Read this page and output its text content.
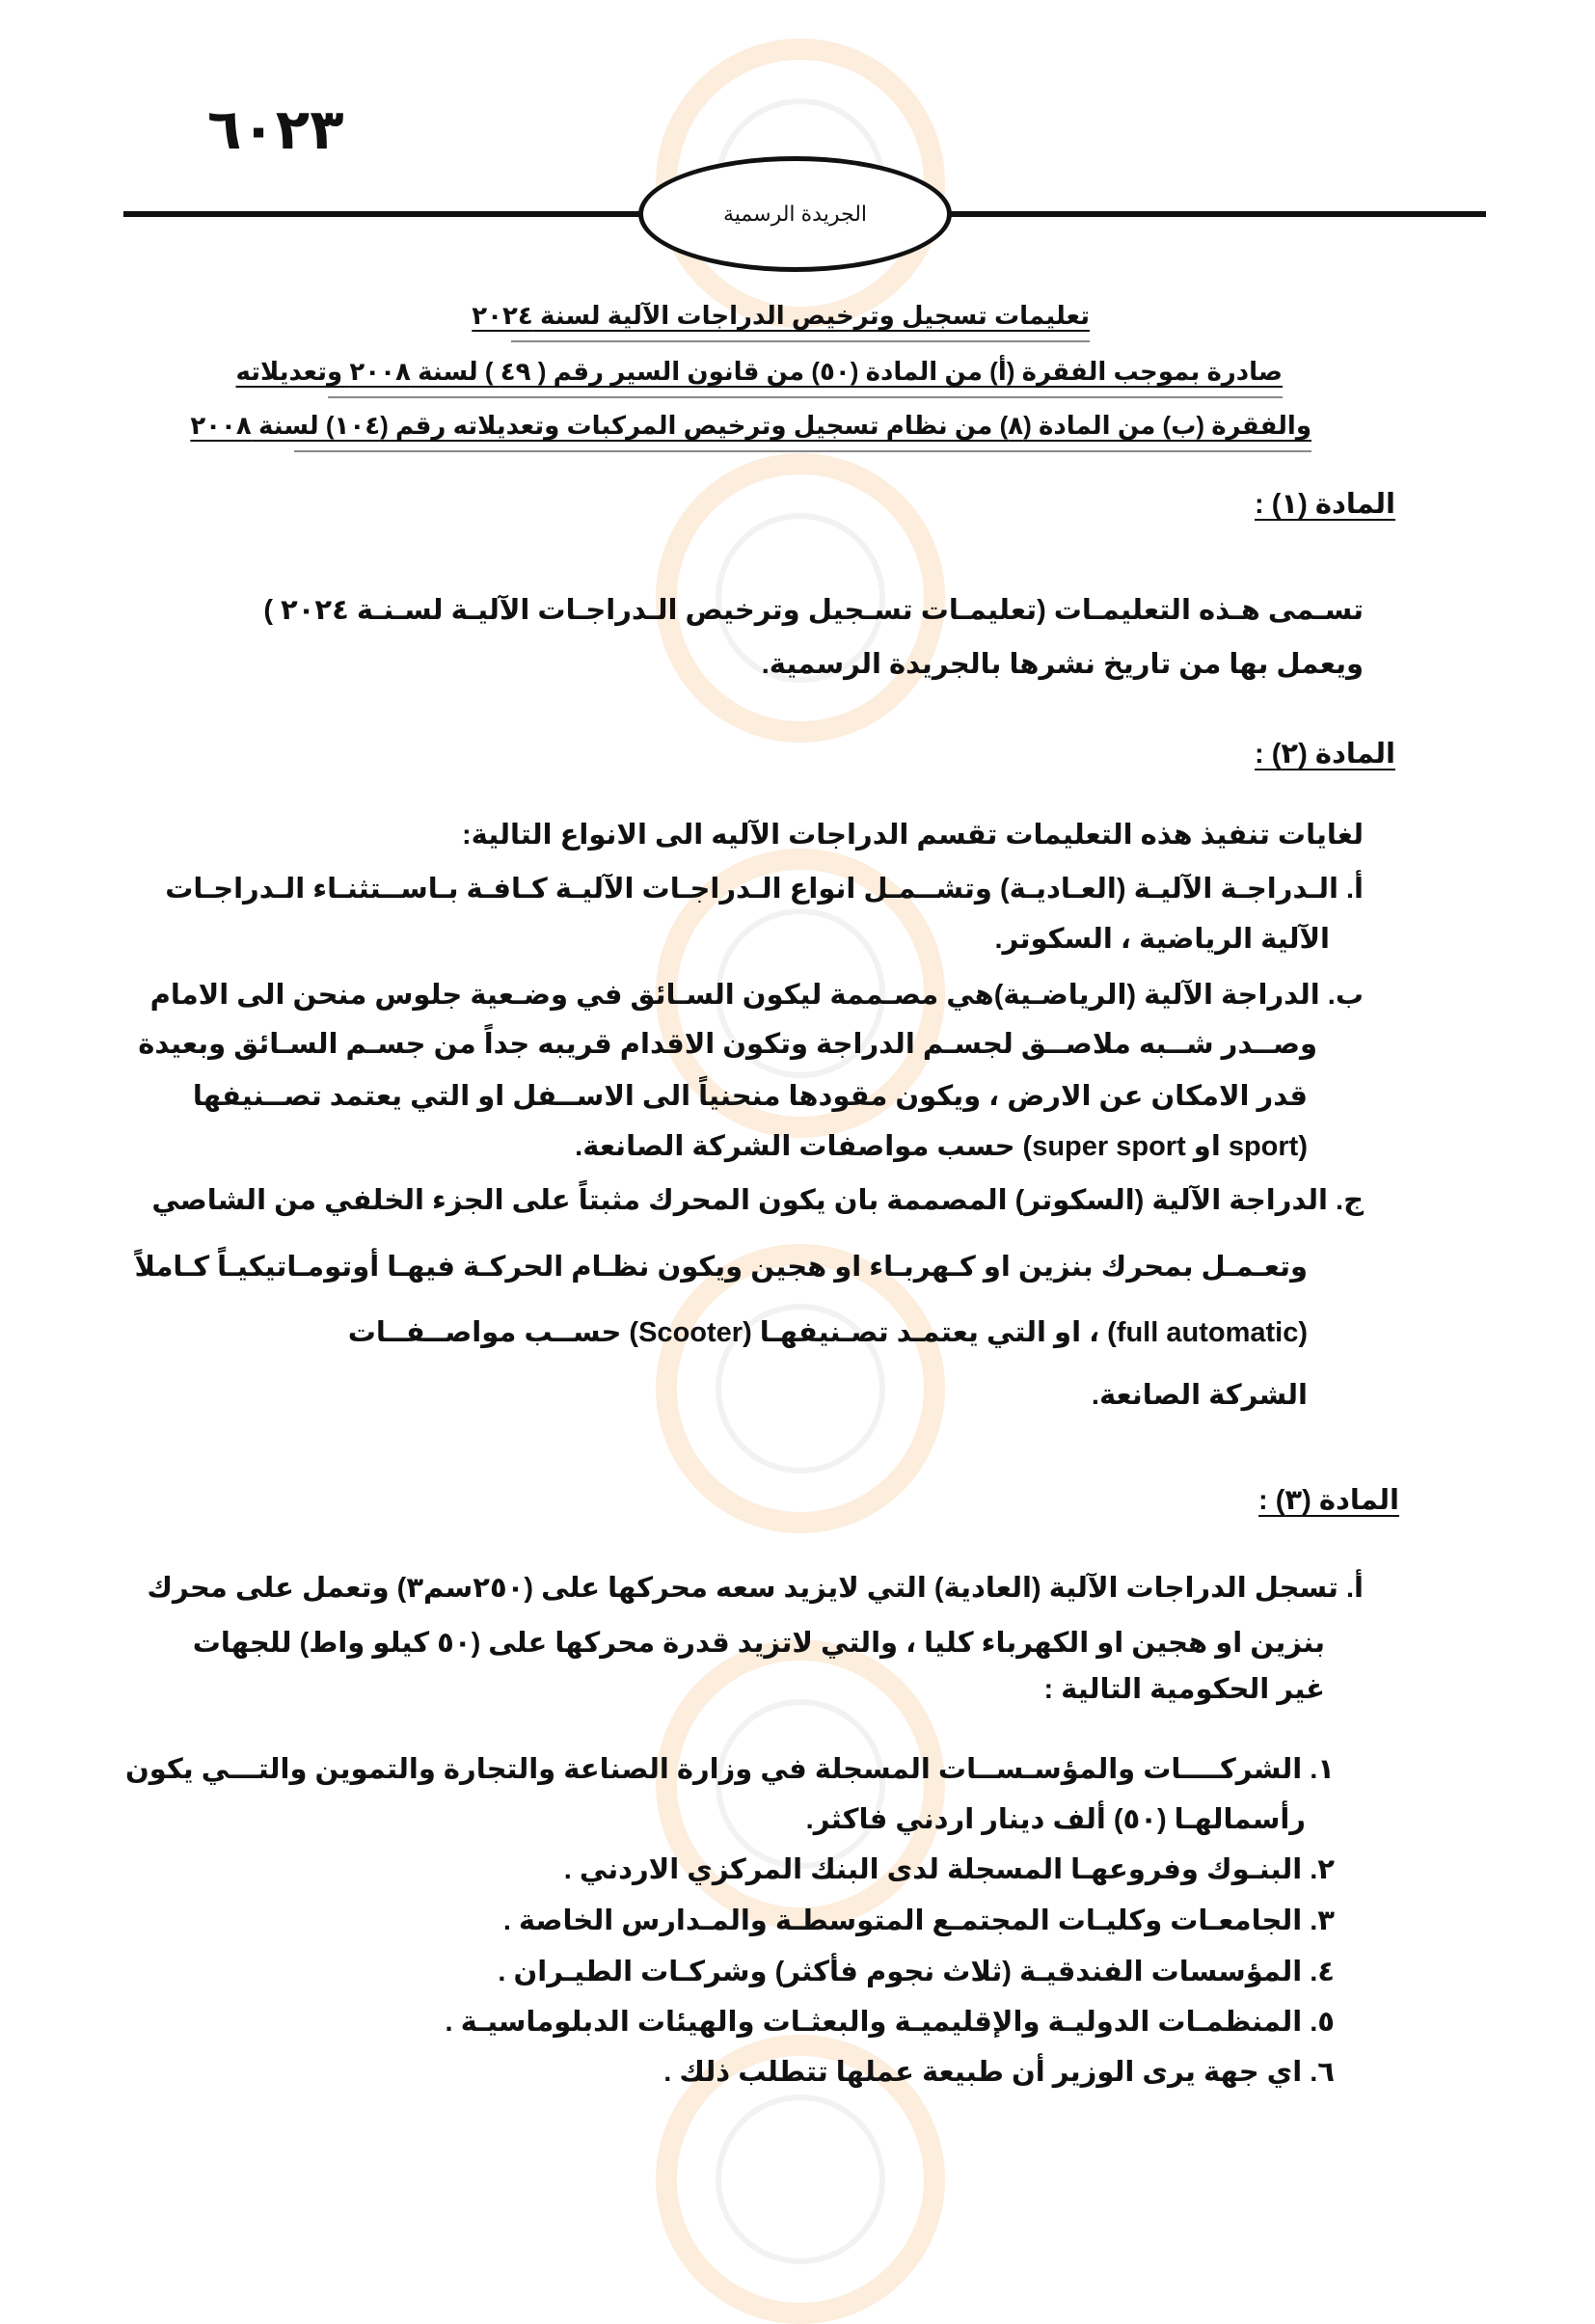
٦٠٢٣
الجريدة الرسمية
تعليمات تسجيل وترخيص الدراجات الآلية لسنة ٢٠٢٤
صادرة بموجب الفقرة (أ) من المادة (٥٠) من قانون السير رقم ( ٤٩ ) لسنة ٢٠٠٨ وتعديلاته
والفقرة (ب) من المادة (٨) من نظام تسجيل وترخيص المركبات وتعديلاته رقم (١٠٤) لسنة ٢٠٠٨
المادة (١) :
تسـمى هـذه التعليمـات (تعليمـات تسـجيل وترخيص الـدراجـات الآليـة لسـنـة ٢٠٢٤ )
ويعمل بها من تاريخ نشرها بالجريدة الرسمية.
المادة (٢) :
لغايات تنفيذ هذه التعليمات تقسم الدراجات الآليه الى الانواع التالية:
أ. الـدراجـة الآليـة (العـاديـة) وتشــمـل انواع الـدراجـات الآليـة كـافـة بـاســتثنـاء الـدراجـات
الآلية الرياضية ، السكوتر.
ب. الدراجة الآلية (الرياضـية)هي مصـممة ليكون السـائق في وضـعية جلوس منحن الى الامام
وصــدر شــبه ملاصــق لجسـم الدراجة وتكون الاقدام قريبه جداً من جسـم السـائق وبعيدة
قدر الامكان عن الارض ، ويكون مقودها منحنياً الى الاســفل او التي يعتمد تصــنيفها
(sport او super sport) حسب مواصفات الشركة الصانعة.
ج. الدراجة الآلية (السكوتر) المصممة بان يكون المحرك مثبتاً على الجزء الخلفي من الشاصي
وتعـمـل بمحرك بنزين او كـهربـاء او هجين ويكون نظـام الحركـة فيهـا أوتومـاتيكيـاً كـاملاً
(full automatic) ، او التي يعتمـد تصـنيفهـا (Scooter) حســب مواصــفــات
الشركة الصانعة.
المادة (٣) :
أ. تسجل الدراجات الآلية (العادية) التي لايزيد سعه محركها على (٢٥٠سم٣) وتعمل على محرك
بنزين او هجين او الكهرباء كليا ، والتي لاتزيد قدرة محركها على (٥٠ كيلو واط) للجهات
غير الحكومية التالية :
١. الشركــــات والمؤسـســات المسجلة في وزارة الصناعة والتجارة والتموين والتـــي يكون
رأسمالهـا (٥٠) ألف دينار اردني فاكثر.
٢. البنـوك وفروعهـا المسجلة لدى البنك المركزي الاردني .
٣. الجامعـات وكليـات المجتمـع المتوسطـة والمـدارس الخاصة .
٤. المؤسسات الفندقيـة (ثلاث نجوم فأكثر) وشركـات الطيـران .
٥. المنظمـات الدوليـة والإقليميـة والبعثـات والهيئات الدبلوماسيـة .
٦. اي جهة يرى الوزير أن طبيعة عملها تتطلب ذلك .
